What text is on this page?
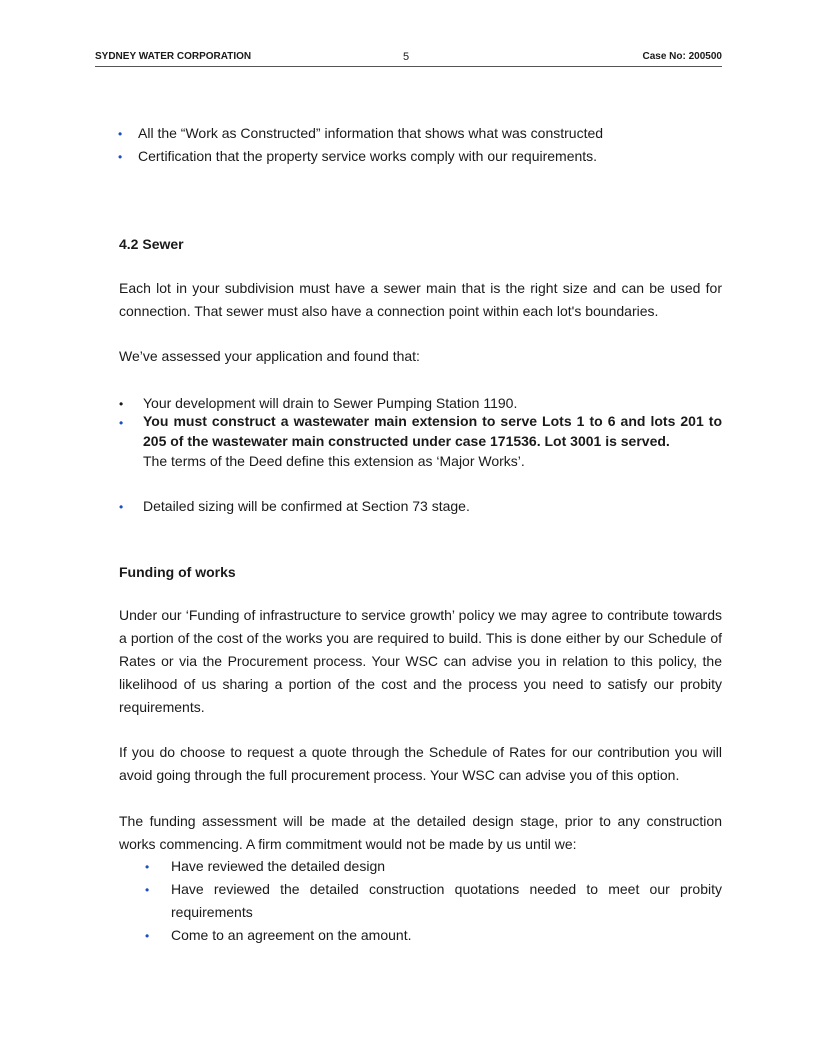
SYDNEY WATER CORPORATION	5	Case No: 200500
• All the “Work as Constructed” information that shows what was constructed
• Certification that the property service works comply with our requirements.
4.2 Sewer
Each lot in your subdivision must have a sewer main that is the right size and can be used for connection. That sewer must also have a connection point within each lot's boundaries.
We’ve assessed your application and found that:
• Your development will drain to Sewer Pumping Station 1190.
• You must construct a wastewater main extension to serve Lots 1 to 6 and lots 201 to 205 of the wastewater main constructed under case 171536. Lot 3001 is served.
The terms of the Deed define this extension as ‘Major Works’.
• Detailed sizing will be confirmed at Section 73 stage.
Funding of works
Under our ‘Funding of infrastructure to service growth’ policy we may agree to contribute towards a portion of the cost of the works you are required to build. This is done either by our Schedule of Rates or via the Procurement process. Your WSC can advise you in relation to this policy, the likelihood of us sharing a portion of the cost and the process you need to satisfy our probity requirements.
If you do choose to request a quote through the Schedule of Rates for our contribution you will avoid going through the full procurement process. Your WSC can advise you of this option.
The funding assessment will be made at the detailed design stage, prior to any construction works commencing. A firm commitment would not be made by us until we:
• Have reviewed the detailed design
• Have reviewed the detailed construction quotations needed to meet our probity requirements
• Come to an agreement on the amount.
